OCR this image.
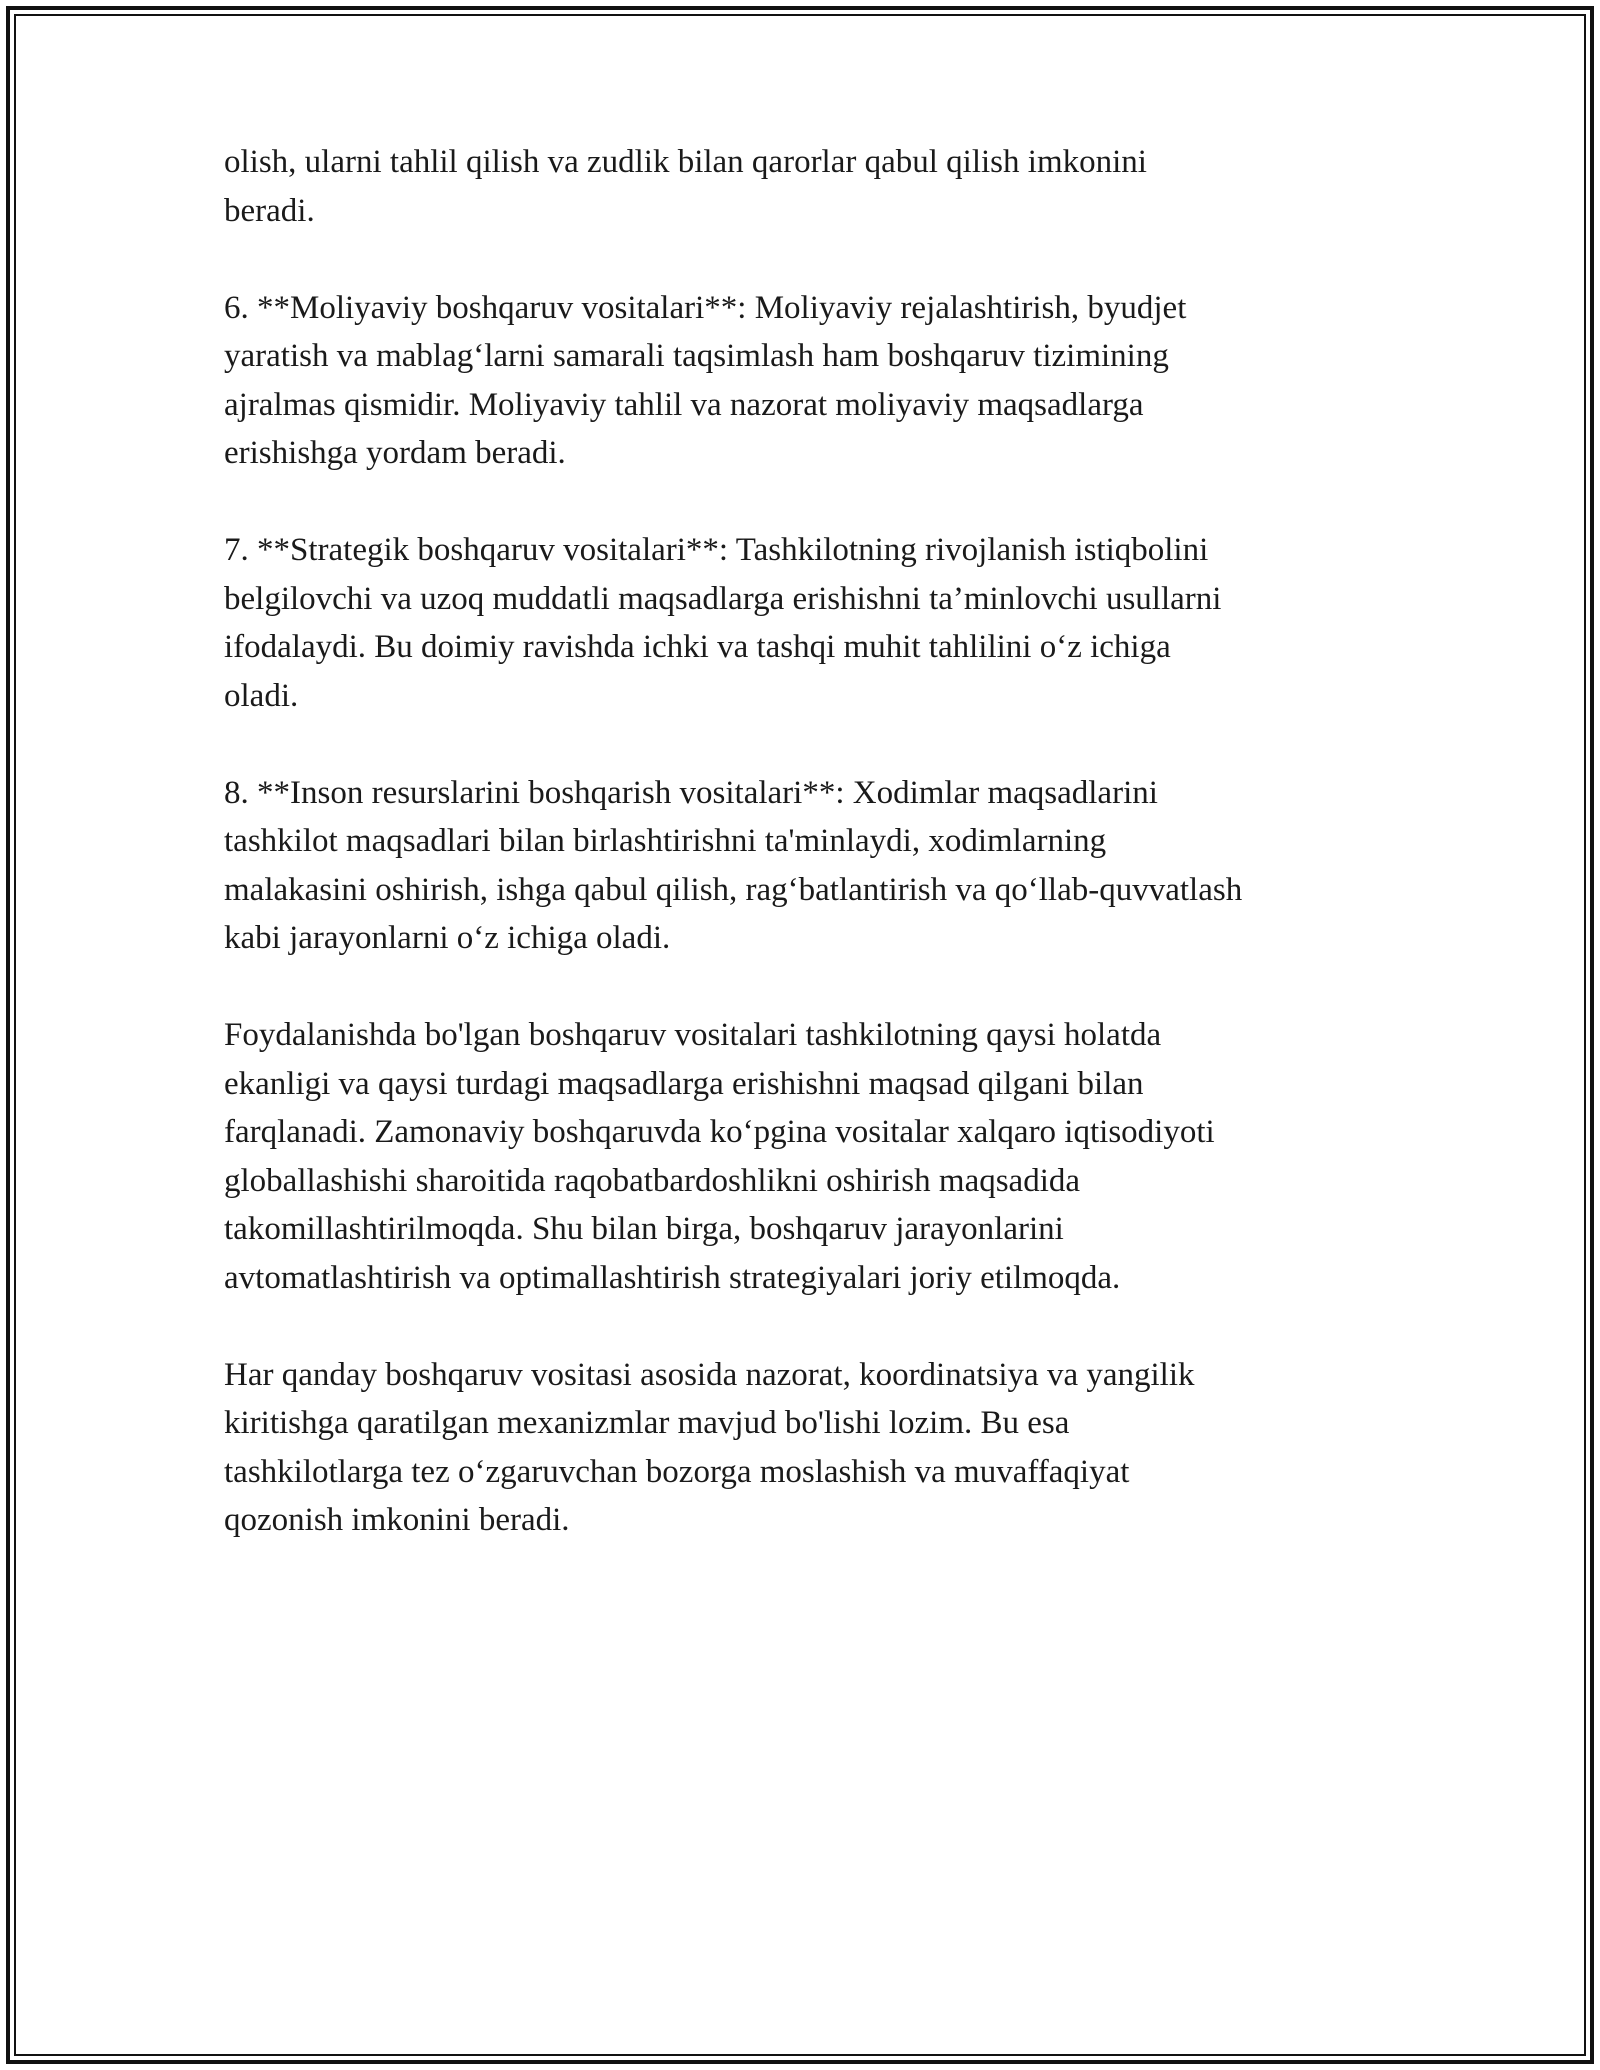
olish, ularni tahlil qilish va zudlik bilan qarorlar qabul qilish imkonini
beradi.

6. **Moliyaviy boshqaruv vositalari**: Moliyaviy rejalashtirish, byudjet
yaratish va mablag‘larni samarali taqsimlash ham boshqaruv tizimining
ajralmas qismidir. Moliyaviy tahlil va nazorat moliyaviy maqsadlarga
erishishga yordam beradi.

7. **Strategik boshqaruv vositalari**: Tashkilotning rivojlanish istiqbolini
belgilovchi va uzoq muddatli maqsadlarga erishishni ta’minlovchi usullarni
ifodalaydi. Bu doimiy ravishda ichki va tashqi muhit tahlilini o‘z ichiga
oladi.

8. **Inson resurslarini boshqarish vositalari**: Xodimlar maqsadlarini
tashkilot maqsadlari bilan birlashtirishni ta'minlaydi, xodimlarning
malakasini oshirish, ishga qabul qilish, rag‘batlantirish va qo‘llab-quvvatlash
kabi jarayonlarni o‘z ichiga oladi.

Foydalanishda bo'lgan boshqaruv vositalari tashkilotning qaysi holatda
ekanligi va qaysi turdagi maqsadlarga erishishni maqsad qilgani bilan
farqlanadi. Zamonaviy boshqaruvda ko‘pgina vositalar xalqaro iqtisodiyoti
globallashishi sharoitida raqobatbardoshlikni oshirish maqsadida
takomillashtirilmoqda. Shu bilan birga, boshqaruv jarayonlarini
avtomatlashtirish va optimallashtirish strategiyalari joriy etilmoqda.

Har qanday boshqaruv vositasi asosida nazorat, koordinatsiya va yangilik
kiritishga qaratilgan mexanizmlar mavjud bo'lishi lozim. Bu esa
tashkilotlarga tez o‘zgaruvchan bozorga moslashish va muvaffaqiyat
qozonish imkonini beradi.
